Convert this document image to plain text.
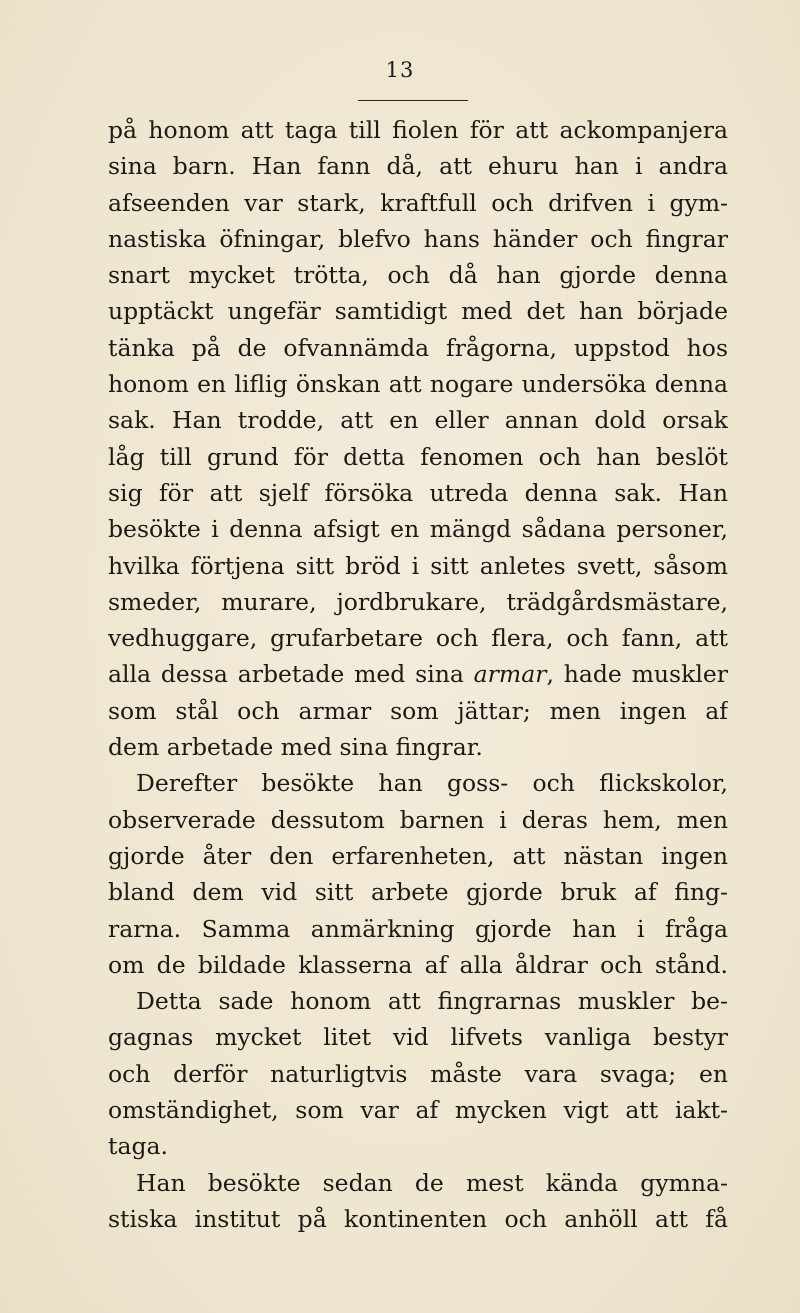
13
på honom att taga till fiolen för att ackompanjera
sina barn. Han fann då, att ehuru han i andra
afseenden var stark, kraftfull och drifven i gym-
nastiska öfningar, blefvo hans händer och fingrar
snart mycket trötta, och då han gjorde denna
upptäckt ungefär samtidigt med det han började
tänka på de ofvannämda frågorna, uppstod hos
honom en liflig önskan att nogare undersöka denna
sak. Han trodde, att en eller annan dold orsak
låg till grund för detta fenomen och han beslöt
sig för att sjelf försöka utreda denna sak. Han
besökte i denna afsigt en mängd sådana personer,
hvilka förtjena sitt bröd i sitt anletes svett, såsom
smeder, murare, jordbrukare, trädgårdsmästare,
vedhuggare, grufarbetare och flera, och fann, att
alla dessa arbetade med sina armar, hade muskler
som stål och armar som jättar; men ingen af
dem arbetade med sina fingrar.
Derefter besökte han goss- och flickskolor,
observerade dessutom barnen i deras hem, men
gjorde åter den erfarenheten, att nästan ingen
bland dem vid sitt arbete gjorde bruk af fing-
rarna. Samma anmärkning gjorde han i fråga
om de bildade klasserna af alla åldrar och stånd.
Detta sade honom att fingrarnas muskler be-
gagnas mycket litet vid lifvets vanliga bestyr
och derför naturligtvis måste vara svaga; en
omständighet, som var af mycken vigt att iakt-
taga.
Han besökte sedan de mest kända gymna-
stiska institut på kontinenten och anhöll att få
